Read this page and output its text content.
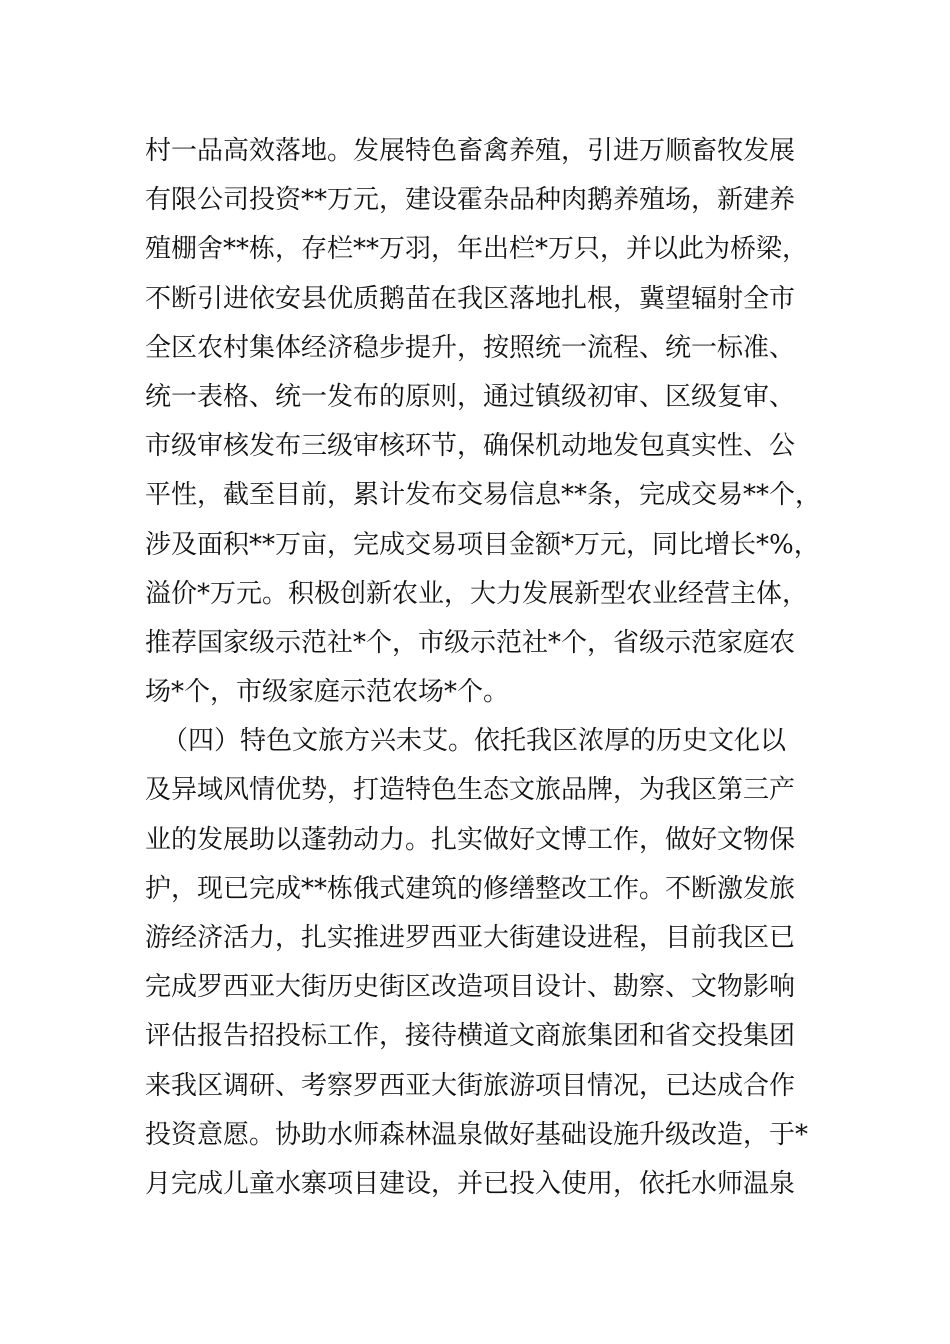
村一品高效落地。发展特色畜禽养殖，引进万顺畜牧发展
有限公司投资**万元，建设霍杂品种肉鹅养殖场，新建养
殖棚舍**栋，存栏**万羽，年出栏*万只，并以此为桥梁，
不断引进依安县优质鹅苗在我区落地扎根，冀望辐射全市
全区农村集体经济稳步提升，按照统一流程、统一标准、
统一表格、统一发布的原则，通过镇级初审、区级复审、
市级审核发布三级审核环节，确保机动地发包真实性、公
平性，截至目前，累计发布交易信息**条，完成交易**个，
涉及面积**万亩，完成交易项目金额*万元，同比增长*%，
溢价*万元。积极创新农业，大力发展新型农业经营主体，
推荐国家级示范社*个，市级示范社*个，省级示范家庭农
场*个，市级家庭示范农场*个。
（四）特色文旅方兴未艾。依托我区浓厚的历史文化以
及异域风情优势，打造特色生态文旅品牌，为我区第三产
业的发展助以蓬勃动力。扎实做好文博工作，做好文物保
护，现已完成**栋俄式建筑的修缮整改工作。不断激发旅
游经济活力，扎实推进罗西亚大街建设进程，目前我区已
完成罗西亚大街历史街区改造项目设计、勘察、文物影响
评估报告招投标工作，接待横道文商旅集团和省交投集团
来我区调研、考察罗西亚大街旅游项目情况，已达成合作
投资意愿。协助水师森林温泉做好基础设施升级改造，于*
月完成儿童水寨项目建设，并已投入使用，依托水师温泉
